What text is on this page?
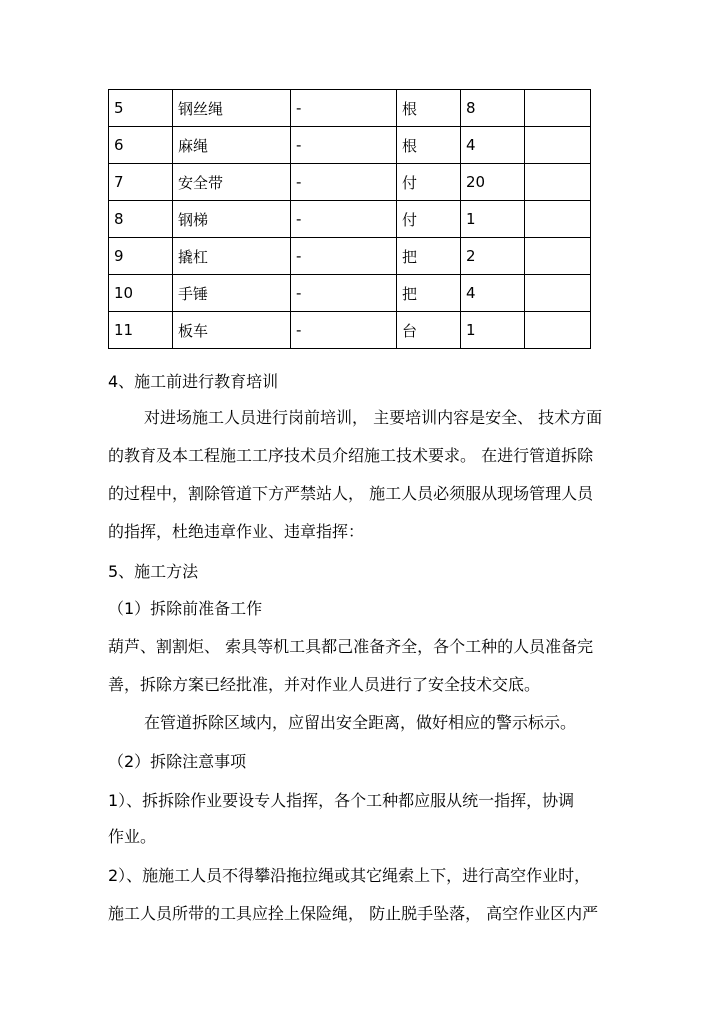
5	钢丝绳	-	根	8	
6	麻绳	-	根	4	
7	安全带	-	付	20	
8	钢梯	-	付	1	
9	撬杠	-	把	2	
10	手锤	-	把	4	
11	板车	-	台	1	
4、施工前进行教育培训
对进场施工人员进行岗前培训， 主要培训内容是安全、 技术方面
的教育及本工程施工工序技术员介绍施工技术要求。 在进行管道拆除
的过程中，割除管道下方严禁站人， 施工人员必须服从现场管理人员
的指挥，杜绝违章作业、违章指挥：
5、施工方法
（1）拆除前准备工作
葫芦、割割炬、 索具等机工具都己准备齐全，各个工种的人员准备完
善，拆除方案已经批准，并对作业人员进行了安全技术交底。
在管道拆除区域内，应留出安全距离，做好相应的警示标示。
（2）拆除注意事项
1）、拆拆除作业要设专人指挥，各个工种都应服从统一指挥，协调
作业。
2）、施施工人员不得攀沿拖拉绳或其它绳索上下，进行高空作业时，
施工人员所带的工具应拴上保险绳， 防止脱手坠落， 高空作业区内严
